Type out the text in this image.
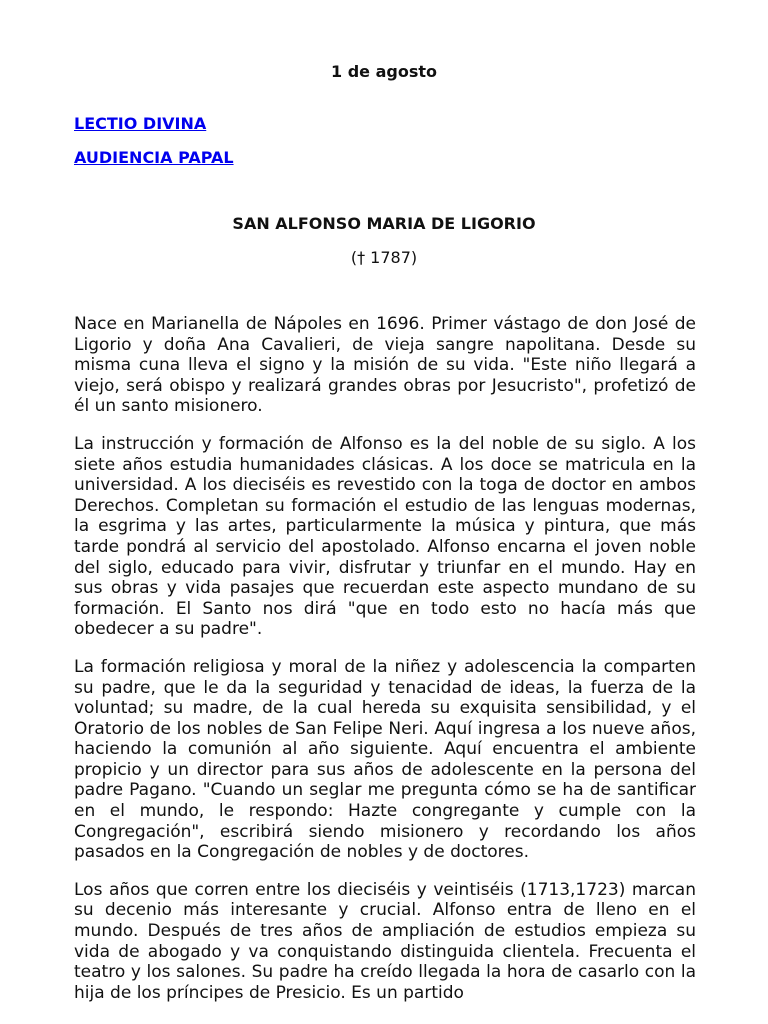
1 de agosto
LECTIO DIVINA
AUDIENCIA PAPAL
SAN ALFONSO MARIA DE LIGORIO
(† 1787)

Nace en Marianella de Nápoles en 1696. Primer vástago de don José de Ligorio y doña Ana Cavalieri, de vieja sangre napolitana. Desde su misma cuna lleva el signo y la misión de su vida. "Este niño llegará a viejo, será obispo y realizará grandes obras por Jesucristo", profetizó de él un santo misionero.

La instrucción y formación de Alfonso es la del noble de su siglo. A los siete años estudia humanidades clásicas. A los doce se matricula en la universidad. A los dieciséis es revestido con la toga de doctor en ambos Derechos. Completan su formación el estudio de las lenguas modernas, la esgrima y las artes, particularmente la música y pintura, que más tarde pondrá al servicio del apostolado. Alfonso encarna el joven noble del siglo, educado para vivir, disfrutar y triunfar en el mundo. Hay en sus obras y vida pasajes que recuerdan este aspecto mundano de su formación. El Santo nos dirá "que en todo esto no hacía más que obedecer a su padre".

La formación religiosa y moral de la niñez y adolescencia la comparten su padre, que le da la seguridad y tenacidad de ideas, la fuerza de la voluntad; su madre, de la cual hereda su exquisita sensibilidad, y el Oratorio de los nobles de San Felipe Neri. Aquí ingresa a los nueve años, haciendo la comunión al año siguiente. Aquí encuentra el ambiente propicio y un director para sus años de adolescente en la persona del padre Pagano. "Cuando un seglar me pregunta cómo se ha de santificar en el mundo, le respondo: Hazte congregante y cumple con la Congregación", escribirá siendo misionero y recordando los años pasados en la Congregación de nobles y de doctores.

Los años que corren entre los dieciséis y veintiséis (1713,1723) marcan su decenio más interesante y crucial. Alfonso entra de lleno en el mundo. Después de tres años de ampliación de estudios empieza su vida de abogado y va conquistando distinguida clientela. Frecuenta el teatro y los salones. Su padre ha creído llegada la hora de casarlo con la hija de los príncipes de Presicio. Es un partido
